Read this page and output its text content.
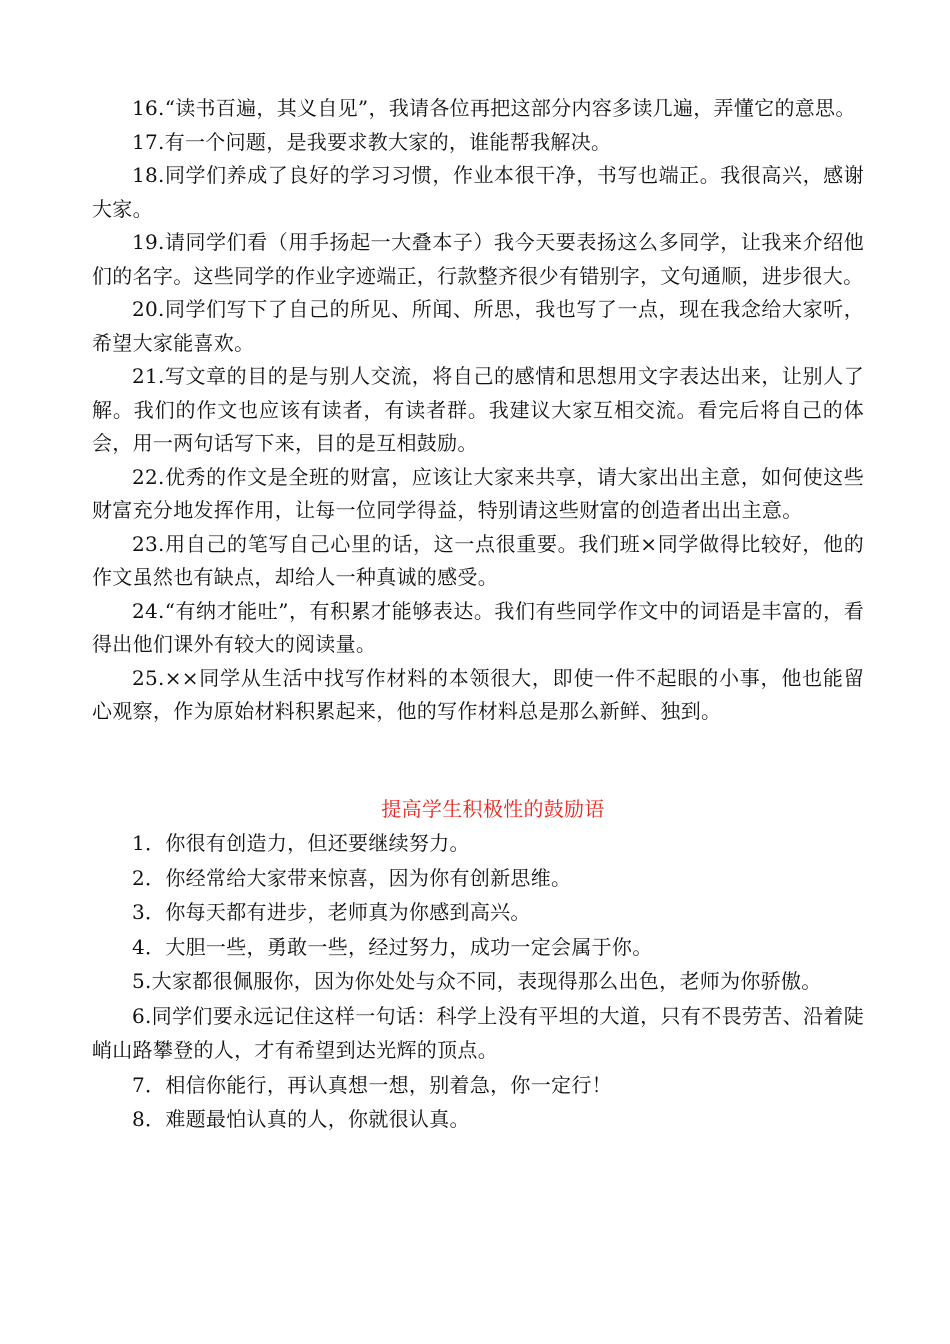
16.“读书百遍，其义自见”，我请各位再把这部分内容多读几遍，弄懂它的意思。

17.有一个问题，是我要求教大家的，谁能帮我解决。

18.同学们养成了良好的学习习惯，作业本很干净，书写也端正。我很高兴，感谢大家。

19.请同学们看（用手扬起一大叠本子）我今天要表扬这么多同学，让我来介绍他们的名字。这些同学的作业字迹端正，行款整齐很少有错别字，文句通顺，进步很大。

20.同学们写下了自己的所见、所闻、所思，我也写了一点，现在我念给大家听，希望大家能喜欢。

21.写文章的目的是与别人交流，将自己的感情和思想用文字表达出来，让别人了解。我们的作文也应该有读者，有读者群。我建议大家互相交流。看完后将自己的体会，用一两句话写下来，目的是互相鼓励。

22.优秀的作文是全班的财富，应该让大家来共享，请大家出出主意，如何使这些财富充分地发挥作用，让每一位同学得益，特别请这些财富的创造者出出主意。

23.用自己的笔写自己心里的话，这一点很重要。我们班×同学做得比较好，他的作文虽然也有缺点，却给人一种真诚的感受。

24.“有纳才能吐”，有积累才能够表达。我们有些同学作文中的词语是丰富的，看得出他们课外有较大的阅读量。

25.××同学从生活中找写作材料的本领很大，即使一件不起眼的小事，他也能留心观察，作为原始材料积累起来，他的写作材料总是那么新鲜、独到。

提高学生积极性的鼓励语

1．你很有创造力，但还要继续努力。

2．你经常给大家带来惊喜，因为你有创新思维。

3．你每天都有进步，老师真为你感到高兴。

4．大胆一些，勇敢一些，经过努力，成功一定会属于你。

5.大家都很佩服你，因为你处处与众不同，表现得那么出色，老师为你骄傲。

6.同学们要永远记住这样一句话：科学上没有平坦的大道，只有不畏劳苦、沿着陡峭山路攀登的人，才有希望到达光辉的顶点。

7．相信你能行，再认真想一想，别着急，你一定行！

8．难题最怕认真的人，你就很认真。
